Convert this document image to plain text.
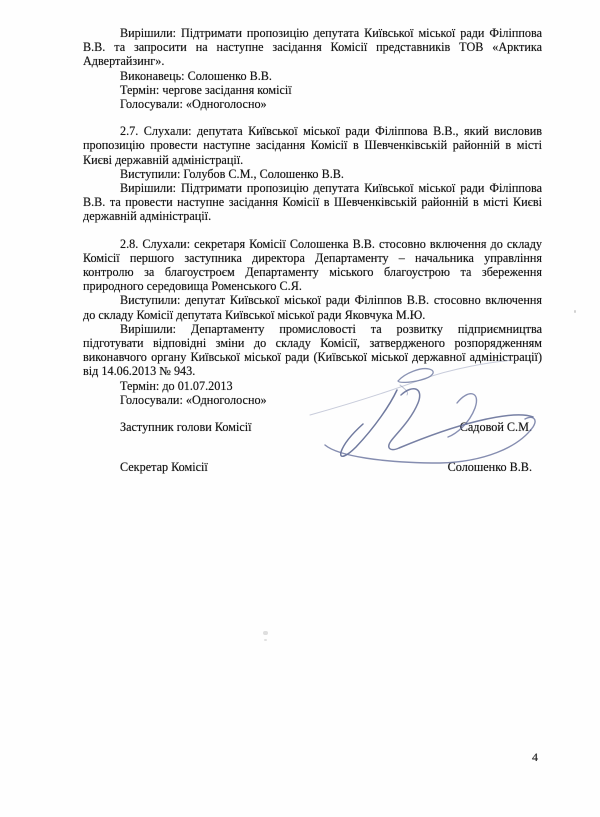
Вирішили: Підтримати пропозицію депутата Київської міської ради Філіппова В.В. та запросити на наступне засідання Комісії представників ТОВ «Арктика Адвертайзинг».

Виконавець: Солошенко В.В.

Термін: чергове засідання комісії

Голосували: «Одноголосно»

2.7. Слухали: депутата Київської міської ради Філіппова В.В., який висловив пропозицію провести наступне засідання Комісії в Шевченківській районній в місті Києві державній адміністрації.

Виступили: Голубов С.М., Солошенко В.В.

Вирішили: Підтримати пропозицію депутата Київської міської ради Філіппова В.В. та провести наступне засідання Комісії в Шевченківській районній в місті Києві державній адміністрації.

2.8. Слухали: секретаря Комісії Солошенка В.В. стосовно включення до складу Комісії першого заступника директора Департаменту – начальника управління контролю за благоустроєм Департаменту міського благоустрою та збереження природного середовища Роменського С.Я.

Виступили: депутат Київської міської ради Філіппов В.В. стосовно включення до складу Комісії депутата Київської міської ради Яковчука М.Ю.

Вирішили: Департаменту промисловості та розвитку підприємництва підготувати відповідні зміни до складу Комісії, затвердженого розпорядженням виконавчого органу Київської міської ради (Київської міської державної адміністрації) від 14.06.2013 № 943.

Термін: до 01.07.2013

Голосували: «Одноголосно»

Заступник голови Комісії	Садовой С.М.
Секретар Комісії	Солошенко В.В.
4
